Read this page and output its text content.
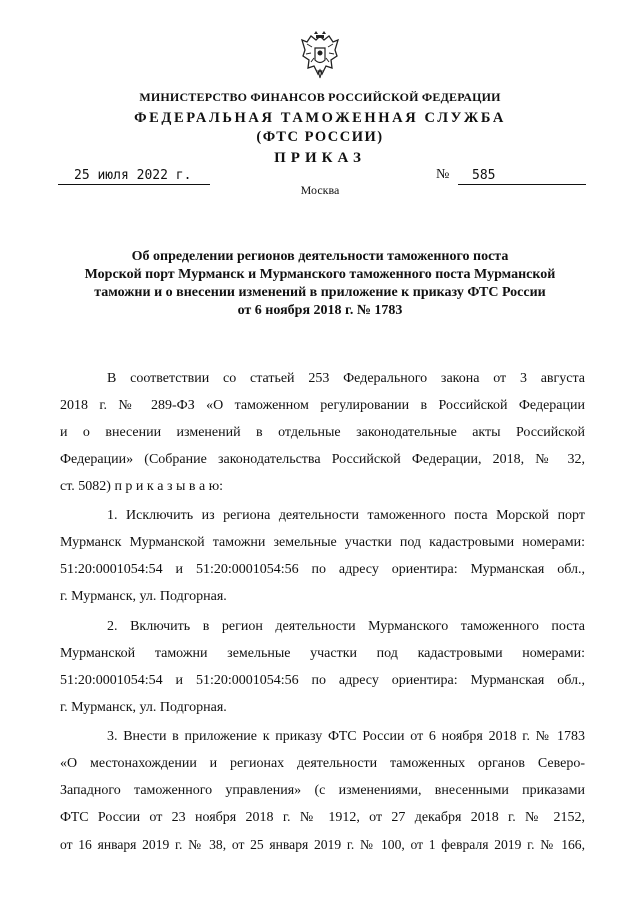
МИНИСТЕРСТВО ФИНАНСОВ РОССИЙСКОЙ ФЕДЕРАЦИИ
ФЕДЕРАЛЬНАЯ ТАМОЖЕННАЯ СЛУЖБА
(ФТС РОССИИ)
ПРИКАЗ
25 июля 2022 г.	№	585
Москва
Об определении регионов деятельности таможенного поста
Морской порт Мурманск и Мурманского таможенного поста Мурманской
таможни и о внесении изменений в приложение к приказу ФТС России
от 6 ноября 2018 г. № 1783
В соответствии со статьей 253 Федерального закона от 3 августа
2018 г. № 289-ФЗ «О таможенном регулировании в Российской Федерации
и о внесении изменений в отдельные законодательные акты Российской
Федерации» (Собрание законодательства Российской Федерации, 2018, № 32,
ст. 5082) п р и к а з ы в а ю:
1. Исключить из региона деятельности таможенного поста Морской порт
Мурманск Мурманской таможни земельные участки под кадастровыми номерами:
51:20:0001054:54 и 51:20:0001054:56 по адресу ориентира: Мурманская обл.,
г. Мурманск, ул. Подгорная.
2. Включить в регион деятельности Мурманского таможенного поста
Мурманской таможни земельные участки под кадастровыми номерами:
51:20:0001054:54 и 51:20:0001054:56 по адресу ориентира: Мурманская обл.,
г. Мурманск, ул. Подгорная.
3. Внести в приложение к приказу ФТС России от 6 ноября 2018 г. № 1783
«О местонахождении и регионах деятельности таможенных органов Северо-
Западного таможенного управления» (с изменениями, внесенными приказами
ФТС России от 23 ноября 2018 г. № 1912, от 27 декабря 2018 г. № 2152,
от 16 января 2019 г. № 38, от 25 января 2019 г. № 100, от 1 февраля 2019 г. № 166,
